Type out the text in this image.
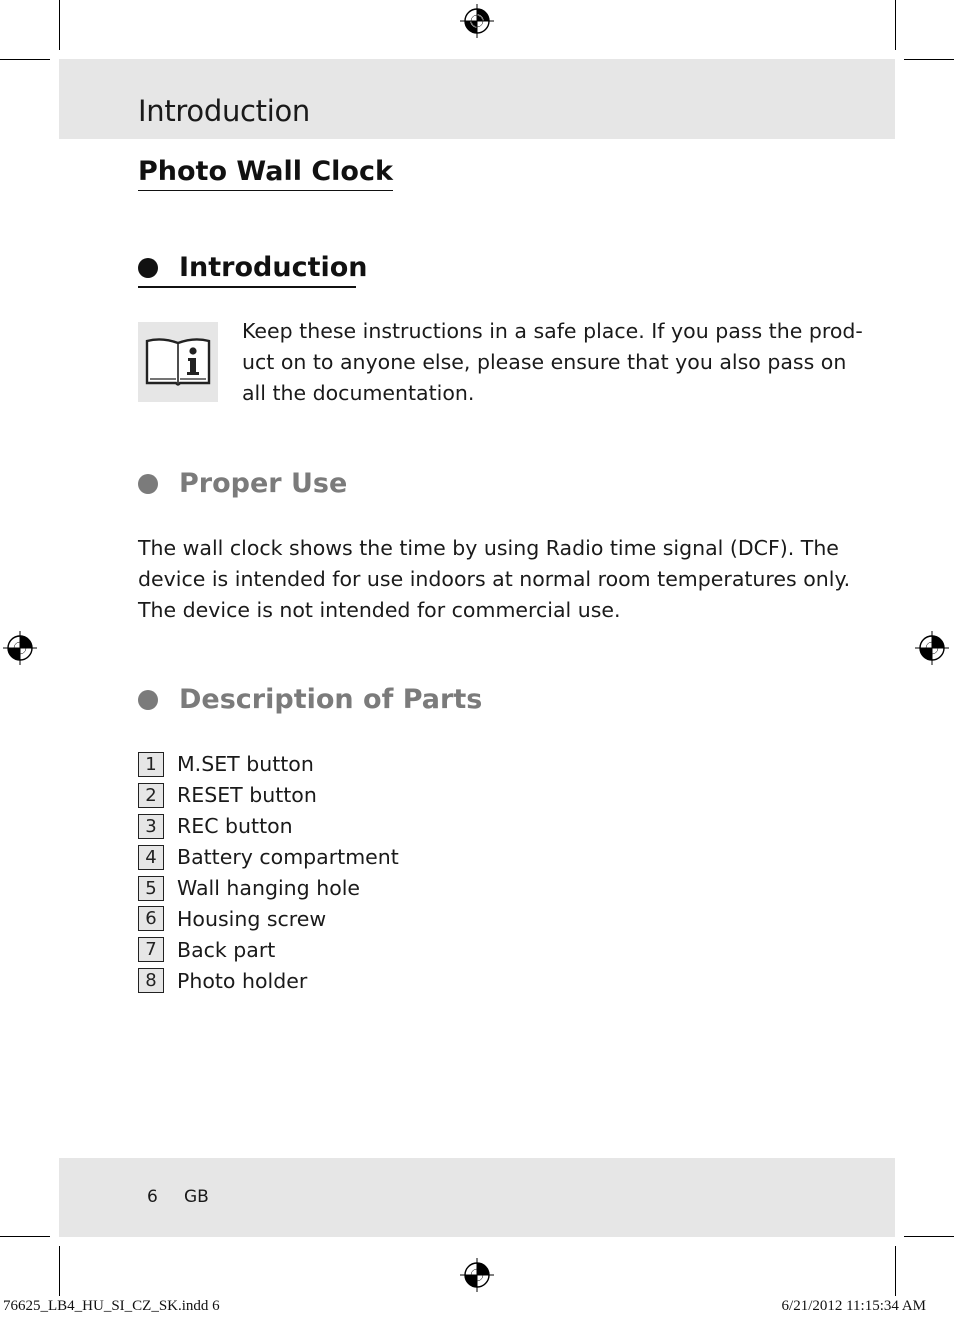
Introduction
Photo Wall Clock
Introduction
Keep these instructions in a safe place. If you pass the prod-
uct on to anyone else, please ensure that you also pass on
all the documentation.
Proper Use
The wall clock shows the time by using Radio time signal (DCF). The
device is intended for use indoors at normal room temperatures only.
The device is not intended for commercial use.
Description of Parts
1 M.SET button
2 RESET button
3 REC button
4 Battery compartment
5 Wall hanging hole
6 Housing screw
7 Back part
8 Photo holder
6 GB
76625_LB4_HU_SI_CZ_SK.indd 6	6/21/2012 11:15:34 AM
